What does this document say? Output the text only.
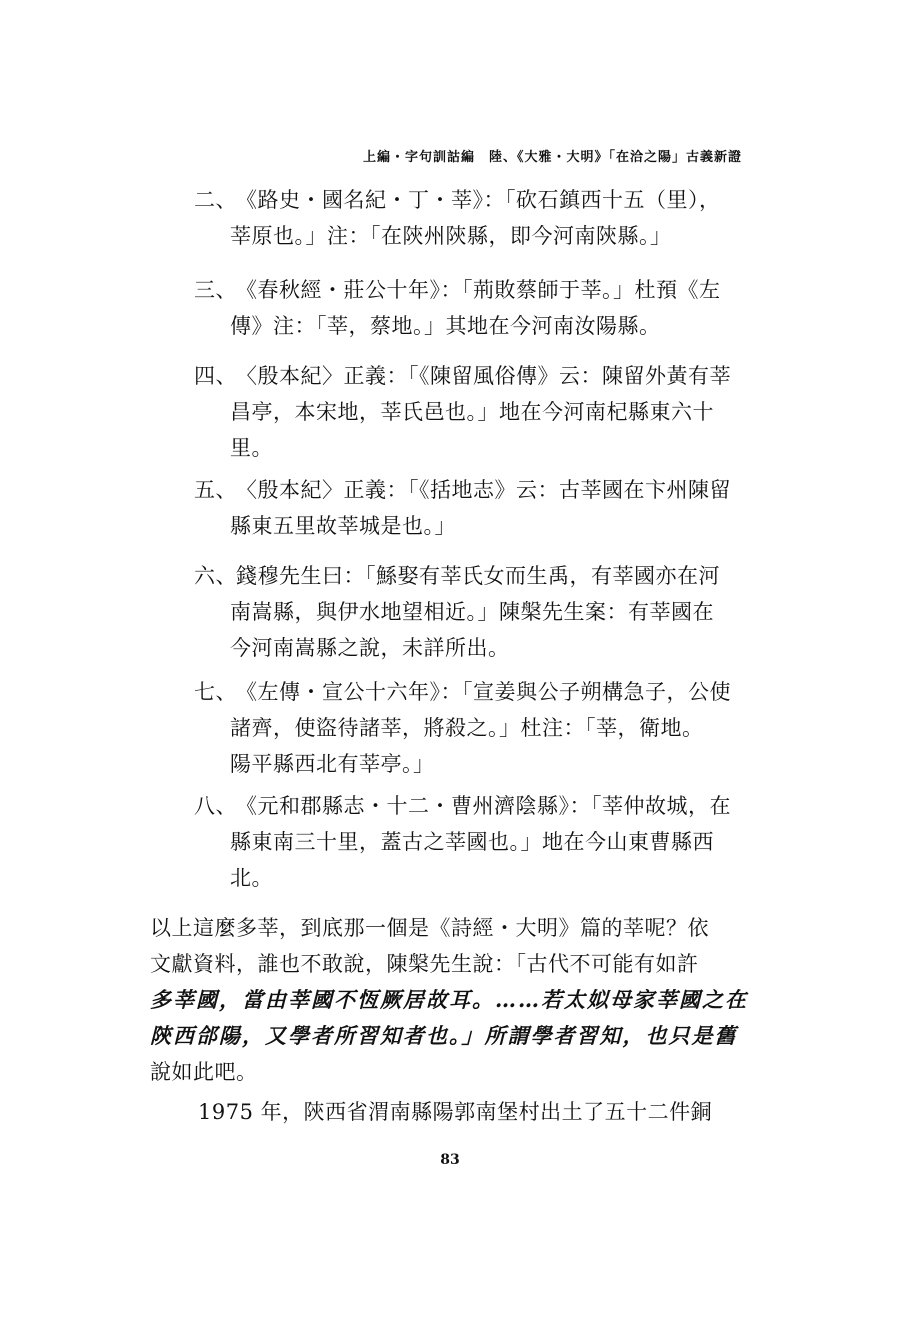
上編・字句訓詁編　陸、《大雅・大明》「在洽之陽」古義新證
二、 《路史・國名紀・丁・莘》：「砍石鎮西十五（里），
莘原也。」注：「在陝州陝縣，即今河南陝縣。」
三、 《春秋經・莊公十年》：「荊敗蔡師于莘。」杜預《左
傳》注：「莘，蔡地。」其地在今河南汝陽縣。
四、 〈殷本紀〉正義：「《陳留風俗傳》云：陳留外黃有莘
昌亭，本宋地，莘氏邑也。」地在今河南杞縣東六十
里。
五、 〈殷本紀〉正義：「《括地志》云：古莘國在卞州陳留
縣東五里故莘城是也。」
六、 錢穆先生曰：「鯀娶有莘氏女而生禹，有莘國亦在河
南嵩縣，與伊水地望相近。」陳槃先生案：有莘國在
今河南嵩縣之說，未詳所出。
七、 《左傳・宣公十六年》：「宣姜與公子朔構急子，公使
諸齊，使盜待諸莘，將殺之。」杜注：「莘，衛地。
陽平縣西北有莘亭。」
八、 《元和郡縣志・十二・曹州濟陰縣》：「莘仲故城，在
縣東南三十里，蓋古之莘國也。」地在今山東曹縣西
北。
以上這麼多莘，到底那一個是《詩經・大明》篇的莘呢？依
文獻資料，誰也不敢說，陳槃先生說：「古代不可能有如許
多莘國，當由莘國不恆厥居故耳。……若太姒母家莘國之在
陝西郃陽，又學者所習知者也。」所謂學者習知，也只是舊
說如此吧。
1975 年，陝西省渭南縣陽郭南堡村出土了五十二件銅
83
